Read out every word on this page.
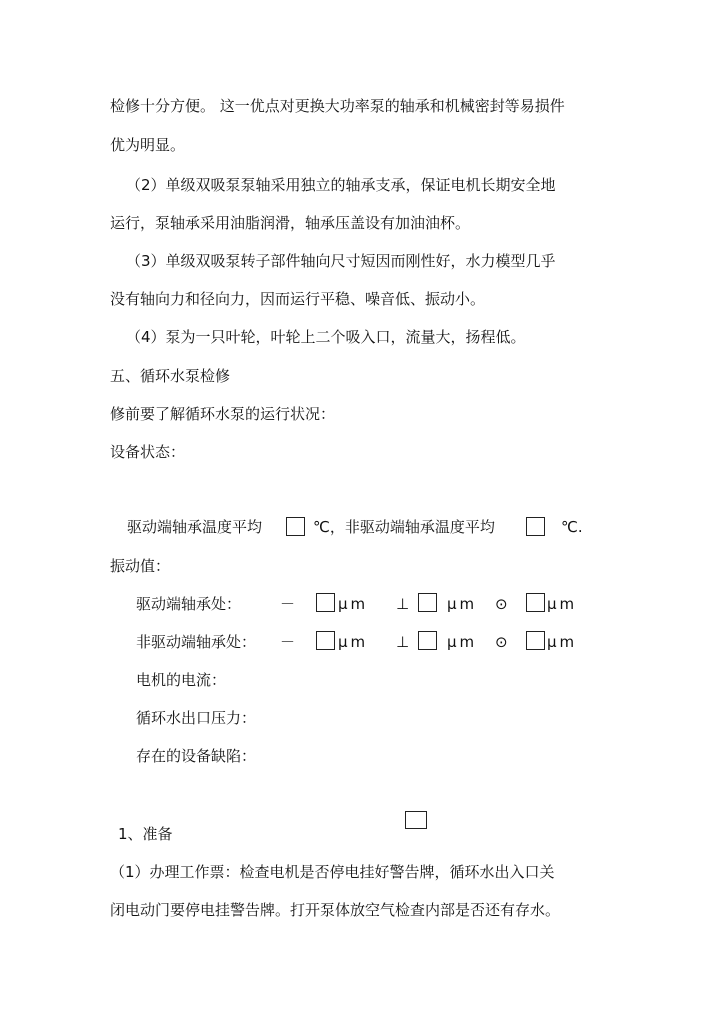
检修十分方便。 这一优点对更换大功率泵的轴承和机械密封等易损件
优为明显。
（2）单级双吸泵泵轴采用独立的轴承支承，保证电机长期安全地
运行，泵轴承采用油脂润滑，轴承压盖设有加油油杯。
（3）单级双吸泵转子部件轴向尺寸短因而刚性好，水力模型几乎
没有轴向力和径向力，因而运行平稳、噪音低、振动小。
（4）泵为一只叶轮，叶轮上二个吸入口，流量大，扬程低。
五、循环水泵检修
修前要了解循环水泵的运行状况：
设备状态：
驱动端轴承温度平均	℃，非驱动端轴承温度平均	℃.
振动值：
驱动端轴承处：	－	μm ⊥	μm ⊙	μm
非驱动端轴承处： －	μm ⊥	μm ⊙	μm
电机的电流：
循环水出口压力：
存在的设备缺陷：
1、准备
（1）办理工作票：检查电机是否停电挂好警告牌，循环水出入口关
闭电动门要停电挂警告牌。打开泵体放空气检查内部是否还有存水。
